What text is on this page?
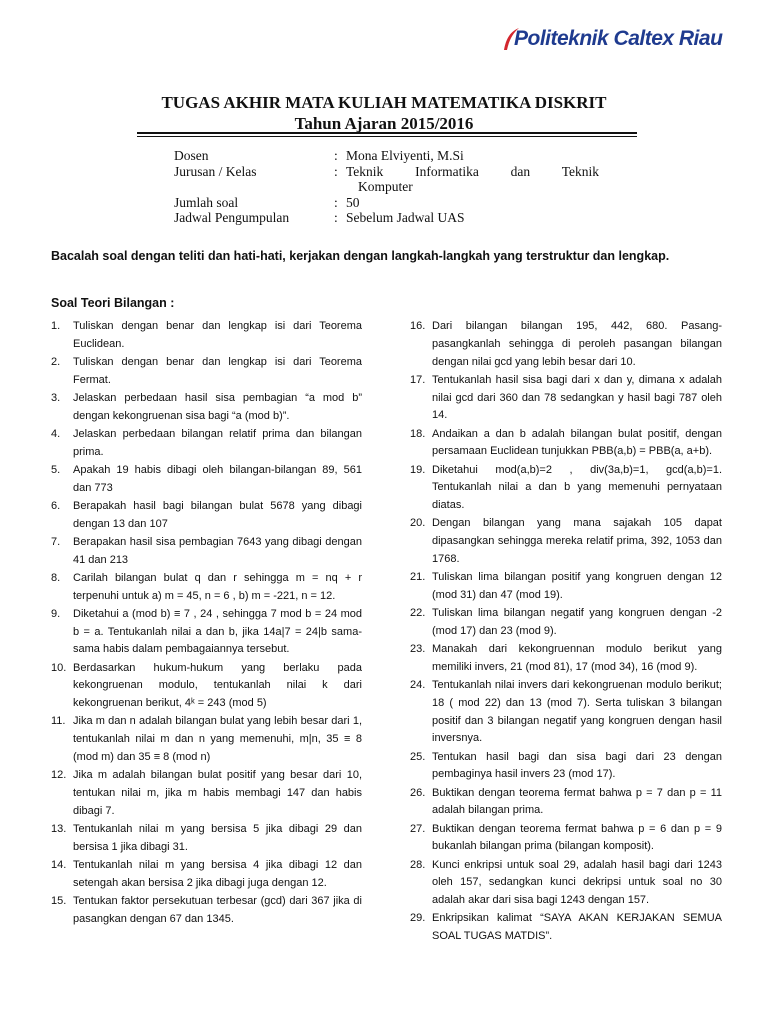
Politeknik Caltex Riau
TUGAS AKHIR MATA KULIAH MATEMATIKA DISKRIT
Tahun Ajaran 2015/2016
Dosen	: Mona Elviyenti, M.Si
Jurusan / Kelas	: Teknik Informatika dan Teknik
Komputer
Jumlah soal	: 50
Jadwal Pengumpulan	: Sebelum Jadwal UAS
Bacalah soal dengan teliti dan hati-hati, kerjakan dengan langkah-langkah yang terstruktur dan lengkap.
Soal Teori Bilangan :
1.	Tuliskan dengan benar dan lengkap isi dari Teorema Euclidean.
2.	Tuliskan dengan benar dan lengkap isi dari Teorema Fermat.
3.	Jelaskan perbedaan hasil sisa pembagian “a mod b” dengan kekongruenan sisa bagi “a (mod b)”.
4.	Jelaskan perbedaan bilangan relatif prima dan bilangan prima.
5.	Apakah 19 habis dibagi oleh bilangan-bilangan 89, 561 dan 773
6.	Berapakah hasil bagi bilangan bulat 5678 yang dibagi dengan 13 dan 107
7.	Berapakan hasil sisa pembagian 7643 yang dibagi dengan 41 dan 213
8.	Carilah bilangan bulat q dan r sehingga m = nq + r terpenuhi untuk a) m = 45, n = 6 , b) m = -221, n = 12.
9.	Diketahui a (mod b) ≡ 7 , 24 , sehingga 7 mod b = 24 mod b = a. Tentukanlah nilai a dan b, jika 14a|7 = 24|b sama-sama habis dalam pembagaiannya tersebut.
10. Berdasarkan hukum-hukum yang berlaku pada kekongruenan modulo, tentukanlah nilai k dari kekongruenan berikut, 4ᵏ = 243 (mod 5)
11. Jika m dan n adalah bilangan bulat yang lebih besar dari 1, tentukanlah nilai m dan n yang memenuhi, m|n, 35 ≡ 8 (mod m) dan 35 ≡ 8 (mod n)
12. Jika m adalah bilangan bulat positif yang besar dari 10, tentukan nilai m, jika m habis membagi 147 dan habis dibagi 7.
13. Tentukanlah nilai m yang bersisa 5 jika dibagi 29 dan bersisa 1 jika dibagi 31.
14. Tentukanlah nilai m yang bersisa 4 jika dibagi 12 dan setengah akan bersisa 2 jika dibagi juga dengan 12.
15. Tentukan faktor persekutuan terbesar (gcd) dari 367 jika di pasangkan dengan 67 dan 1345.
16. Dari bilangan bilangan 195, 442, 680. Pasang-pasangkanlah sehingga di peroleh pasangan bilangan dengan nilai gcd yang lebih besar dari 10.
17. Tentukanlah hasil sisa bagi dari x dan y, dimana x adalah nilai gcd dari 360 dan 78 sedangkan y hasil bagi 787 oleh 14.
18. Andaikan a dan b adalah bilangan bulat positif, dengan persamaan Euclidean tunjukkan PBB(a,b) = PBB(a, a+b).
19. Diketahui mod(a,b)=2 , div(3a,b)=1, gcd(a,b)=1. Tentukanlah nilai a dan b yang memenuhi pernyataan diatas.
20. Dengan bilangan yang mana sajakah 105 dapat dipasangkan sehingga mereka relatif prima, 392, 1053 dan 1768.
21. Tuliskan lima bilangan positif yang kongruen dengan 12 (mod 31) dan 47 (mod 19).
22. Tuliskan lima bilangan negatif yang kongruen dengan -2 (mod 17) dan 23 (mod 9).
23. Manakah dari kekongruennan modulo berikut yang memiliki invers, 21 (mod 81), 17 (mod 34), 16 (mod 9).
24. Tentukanlah nilai invers dari kekongruenan modulo berikut; 18 ( mod 22) dan 13 (mod 7). Serta tuliskan 3 bilangan positif dan 3 bilangan negatif yang kongruen dengan hasil inversnya.
25. Tentukan hasil bagi dan sisa bagi dari 23 dengan pembaginya hasil invers 23 (mod 17).
26. Buktikan dengan teorema fermat bahwa p = 7 dan p = 11 adalah bilangan prima.
27. Buktikan dengan teorema fermat bahwa p = 6 dan p = 9 bukanlah bilangan prima (bilangan komposit).
28. Kunci enkripsi untuk soal 29, adalah hasil bagi dari 1243 oleh 157, sedangkan kunci dekripsi untuk soal no 30 adalah akar dari sisa bagi 1243 dengan 157.
29. Enkripsikan kalimat “SAYA AKAN KERJAKAN SEMUA SOAL TUGAS MATDIS”.
